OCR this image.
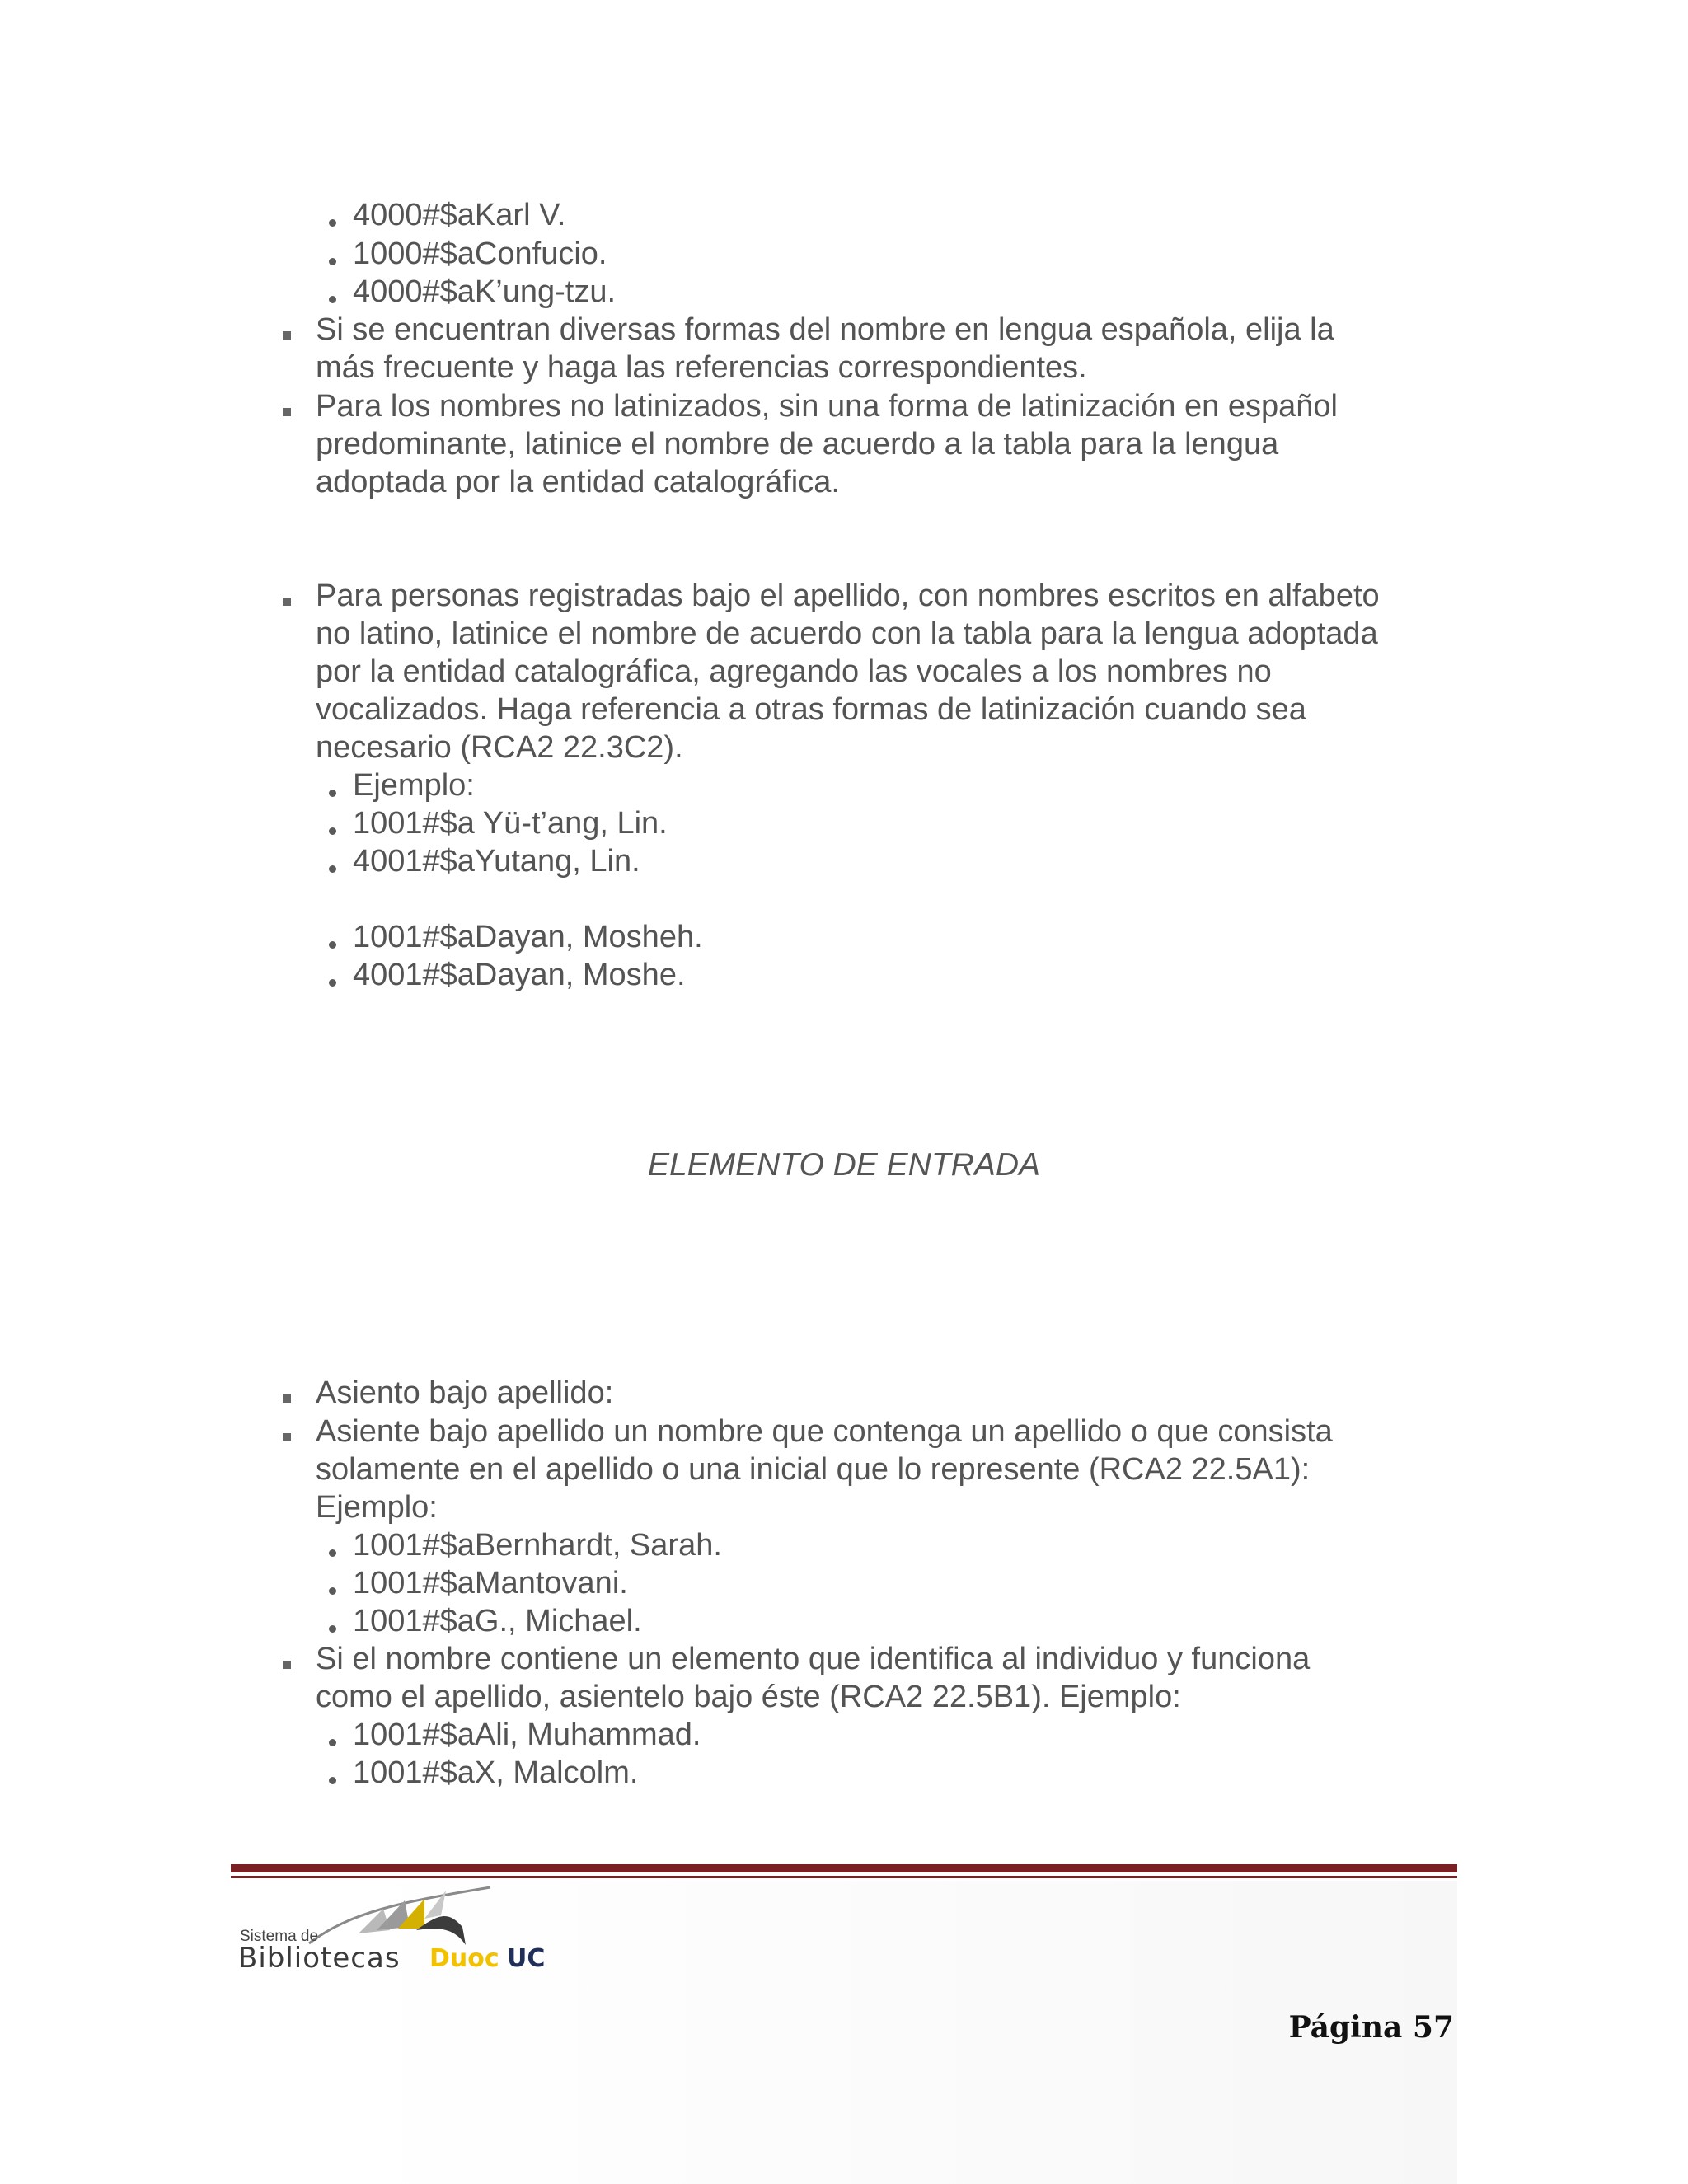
4000#$aKarl V.

1000#$aConfucio.

4000#$aK’ung-tzu.

Si se encuentran diversas formas del nombre en lengua española, elija la

más frecuente y haga las referencias correspondientes.

Para los nombres no latinizados, sin una forma de latinización en español

predominante, latinice el nombre de acuerdo a la tabla para la lengua

adoptada por la entidad catalográfica.

Para personas registradas bajo el apellido, con nombres escritos en alfabeto

no latino, latinice el nombre de acuerdo con la tabla para la lengua adoptada

por la entidad catalográfica, agregando las vocales a los nombres no

vocalizados. Haga referencia a otras formas de latinización cuando sea

necesario (RCA2 22.3C2).

Ejemplo:

1001#$a Yü-t’ang, Lin.

4001#$aYutang, Lin.

1001#$aDayan, Mosheh.

4001#$aDayan, Moshe.

ELEMENTO DE ENTRADA

Asiento bajo apellido:

Asiente bajo apellido un nombre que contenga un apellido o que consista

solamente en el apellido o una inicial que lo represente (RCA2 22.5A1):

Ejemplo:

1001#$aBernhardt, Sarah.

1001#$aMantovani.

1001#$aG., Michael.

Si el nombre contiene un elemento que identifica al individuo y funciona

como el apellido, asientelo bajo éste (RCA2 22.5B1). Ejemplo:

1001#$aAli, Muhammad.

1001#$aX, Malcolm.

Sistema de
Bibliotecas Duoc UC

Página 57
